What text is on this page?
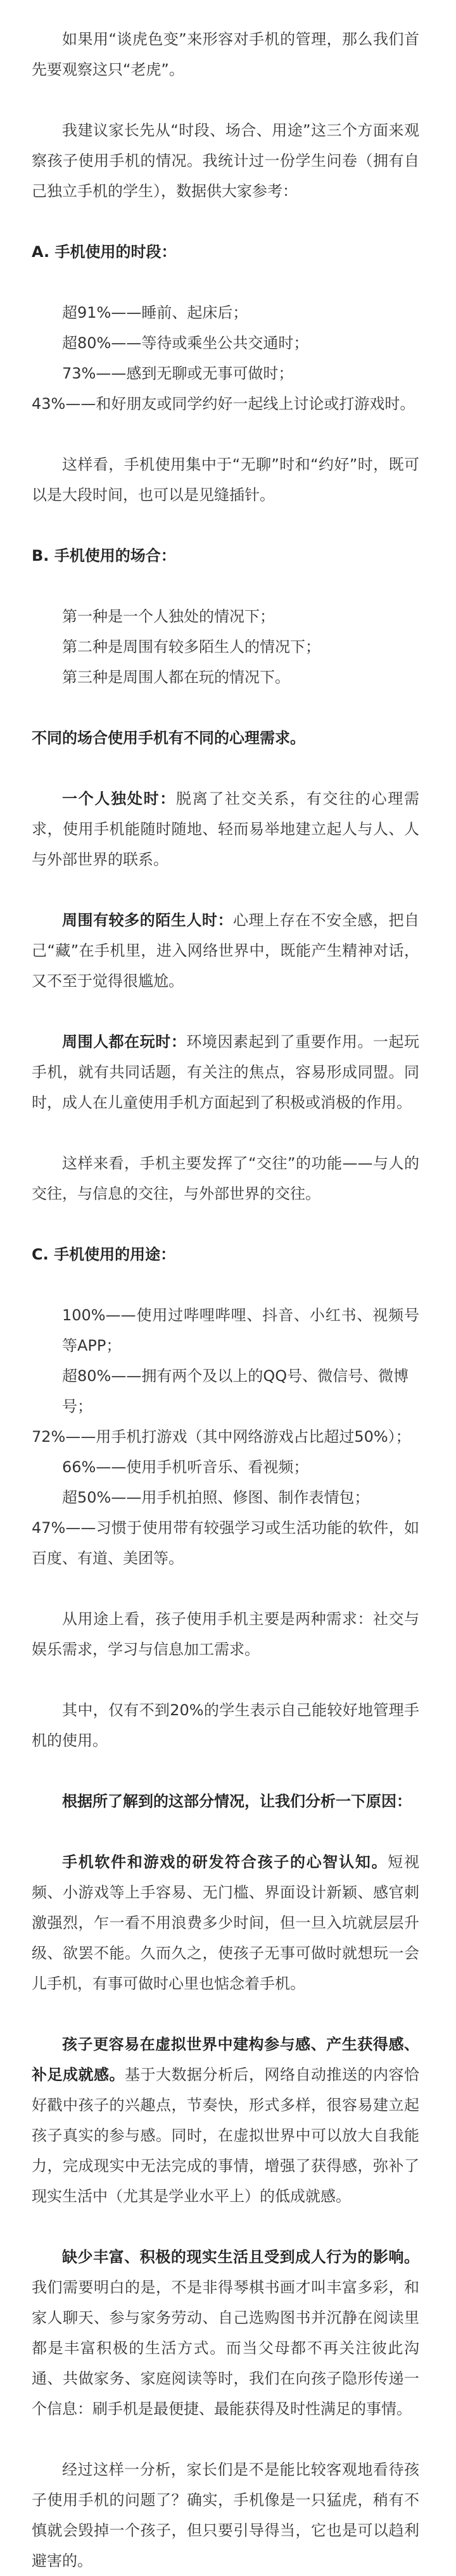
如果用“谈虎色变”来形容对手机的管理，那么我们首先要观察这只“老虎”。

我建议家长先从“时段、场合、用途”这三个方面来观察孩子使用手机的情况。我统计过一份学生问卷（拥有自己独立手机的学生），数据供大家参考：

A. 手机使用的时段：

超91%——睡前、起床后；

超80%——等待或乘坐公共交通时；

73%——感到无聊或无事可做时；

43%——和好朋友或同学约好一起线上讨论或打游戏时。

这样看，手机使用集中于“无聊”时和“约好”时，既可以是大段时间，也可以是见缝插针。

B. 手机使用的场合：

第一种是一个人独处的情况下；

第二种是周围有较多陌生人的情况下；

第三种是周围人都在玩的情况下。

不同的场合使用手机有不同的心理需求。

一个人独处时：脱离了社交关系，有交往的心理需求，使用手机能随时随地、轻而易举地建立起人与人、人与外部世界的联系。

周围有较多的陌生人时：心理上存在不安全感，把自己“藏”在手机里，进入网络世界中，既能产生精神对话，又不至于觉得很尴尬。

周围人都在玩时：环境因素起到了重要作用。一起玩手机，就有共同话题，有关注的焦点，容易形成同盟。同时，成人在儿童使用手机方面起到了积极或消极的作用。

这样来看，手机主要发挥了“交往”的功能——与人的交往，与信息的交往，与外部世界的交往。

C. 手机使用的用途：

100%——使用过哔哩哔哩、抖音、小红书、视频号等APP；

超80%——拥有两个及以上的QQ号、微信号、微博号；

72%——用手机打游戏（其中网络游戏占比超过50%）；

66%——使用手机听音乐、看视频；

超50%——用手机拍照、修图、制作表情包；

47%——习惯于使用带有较强学习或生活功能的软件，如百度、有道、美团等。

从用途上看，孩子使用手机主要是两种需求：社交与娱乐需求，学习与信息加工需求。

其中，仅有不到20%的学生表示自己能较好地管理手机的使用。

根据所了解到的这部分情况，让我们分析一下原因：

手机软件和游戏的研发符合孩子的心智认知。短视频、小游戏等上手容易、无门槛、界面设计新颖、感官刺激强烈，乍一看不用浪费多少时间，但一旦入坑就层层升级、欲罢不能。久而久之，使孩子无事可做时就想玩一会儿手机，有事可做时心里也惦念着手机。

孩子更容易在虚拟世界中建构参与感、产生获得感、补足成就感。基于大数据分析后，网络自动推送的内容恰好戳中孩子的兴趣点，节奏快，形式多样，很容易建立起孩子真实的参与感。同时，在虚拟世界中可以放大自我能力，完成现实中无法完成的事情，增强了获得感，弥补了现实生活中（尤其是学业水平上）的低成就感。

缺少丰富、积极的现实生活且受到成人行为的影响。我们需要明白的是，不是非得琴棋书画才叫丰富多彩，和家人聊天、参与家务劳动、自己选购图书并沉静在阅读里都是丰富积极的生活方式。而当父母都不再关注彼此沟通、共做家务、家庭阅读等时，我们在向孩子隐形传递一个信息：刷手机是最便捷、最能获得及时性满足的事情。

经过这样一分析，家长们是不是能比较客观地看待孩子使用手机的问题了？确实，手机像是一只猛虎，稍有不慎就会毁掉一个孩子，但只要引导得当，它也是可以趋利避害的。
